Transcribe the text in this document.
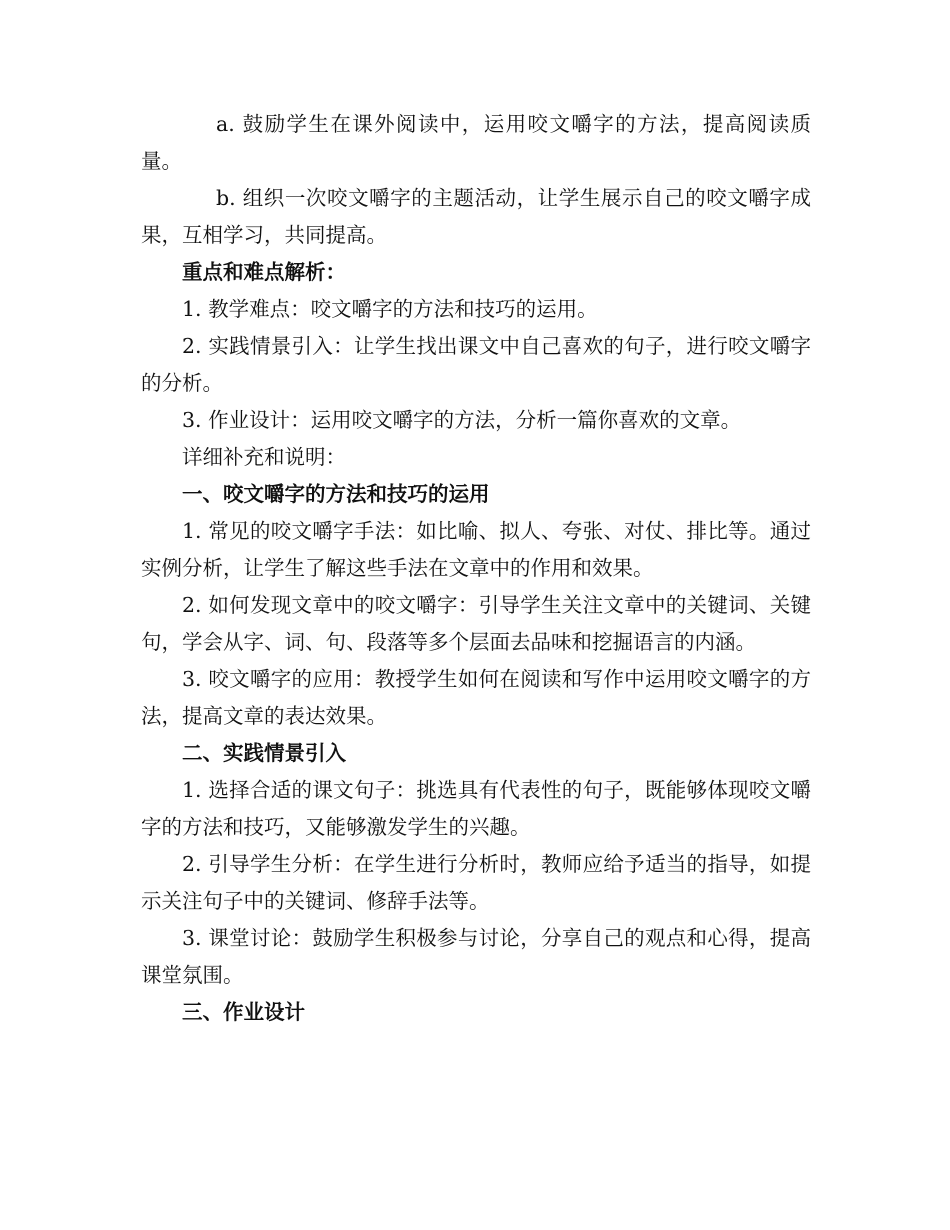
a. 鼓励学生在课外阅读中，运用咬文嚼字的方法，提高阅读质量。

b. 组织一次咬文嚼字的主题活动，让学生展示自己的咬文嚼字成果，互相学习，共同提高。

重点和难点解析：

1. 教学难点：咬文嚼字的方法和技巧的运用。

2. 实践情景引入：让学生找出课文中自己喜欢的句子，进行咬文嚼字的分析。

3. 作业设计：运用咬文嚼字的方法，分析一篇你喜欢的文章。

详细补充和说明：

一、咬文嚼字的方法和技巧的运用

1. 常见的咬文嚼字手法：如比喻、拟人、夸张、对仗、排比等。通过实例分析，让学生了解这些手法在文章中的作用和效果。

2. 如何发现文章中的咬文嚼字：引导学生关注文章中的关键词、关键句，学会从字、词、句、段落等多个层面去品味和挖掘语言的内涵。

3. 咬文嚼字的应用：教授学生如何在阅读和写作中运用咬文嚼字的方法，提高文章的表达效果。

二、实践情景引入

1. 选择合适的课文句子：挑选具有代表性的句子，既能够体现咬文嚼字的方法和技巧，又能够激发学生的兴趣。

2. 引导学生分析：在学生进行分析时，教师应给予适当的指导，如提示关注句子中的关键词、修辞手法等。

3. 课堂讨论：鼓励学生积极参与讨论，分享自己的观点和心得，提高课堂氛围。

三、作业设计
